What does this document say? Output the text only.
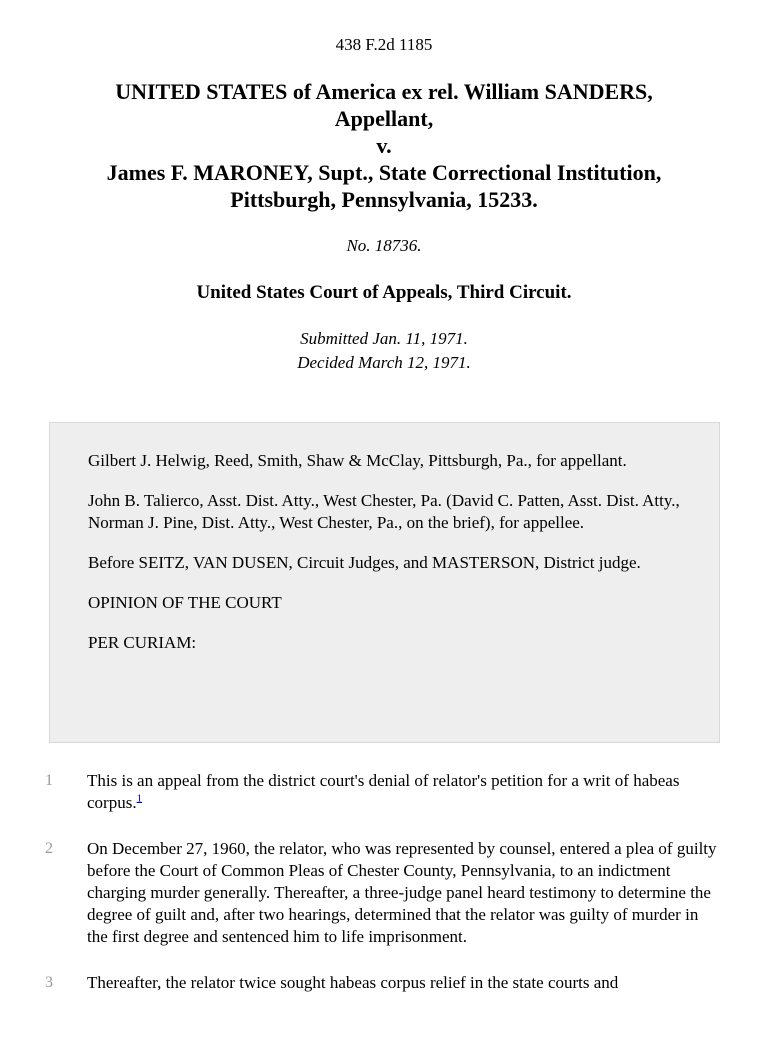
438 F.2d 1185
UNITED STATES of America ex rel. William SANDERS,
Appellant,
v.
James F. MARONEY, Supt., State Correctional Institution,
Pittsburgh, Pennsylvania, 15233.
No. 18736.
United States Court of Appeals, Third Circuit.
Submitted Jan. 11, 1971.
Decided March 12, 1971.

Gilbert J. Helwig, Reed, Smith, Shaw & McClay, Pittsburgh, Pa., for appellant.

John B. Talierco, Asst. Dist. Atty., West Chester, Pa. (David C. Patten, Asst. Dist. Atty., Norman J. Pine, Dist. Atty., West Chester, Pa., on the brief), for appellee.

Before SEITZ, VAN DUSEN, Circuit Judges, and MASTERSON, District judge.

OPINION OF THE COURT

PER CURIAM:

1 This is an appeal from the district court's denial of relator's petition for a writ of habeas corpus.$^1$
2 On December 27, 1960, the relator, who was represented by counsel, entered a plea of guilty before the Court of Common Pleas of Chester County, Pennsylvania, to an indictment charging murder generally. Thereafter, a three-judge panel heard testimony to determine the degree of guilt and, after two hearings, determined that the relator was guilty of murder in the first degree and sentenced him to life imprisonment.
3 Thereafter, the relator twice sought habeas corpus relief in the state courts and
